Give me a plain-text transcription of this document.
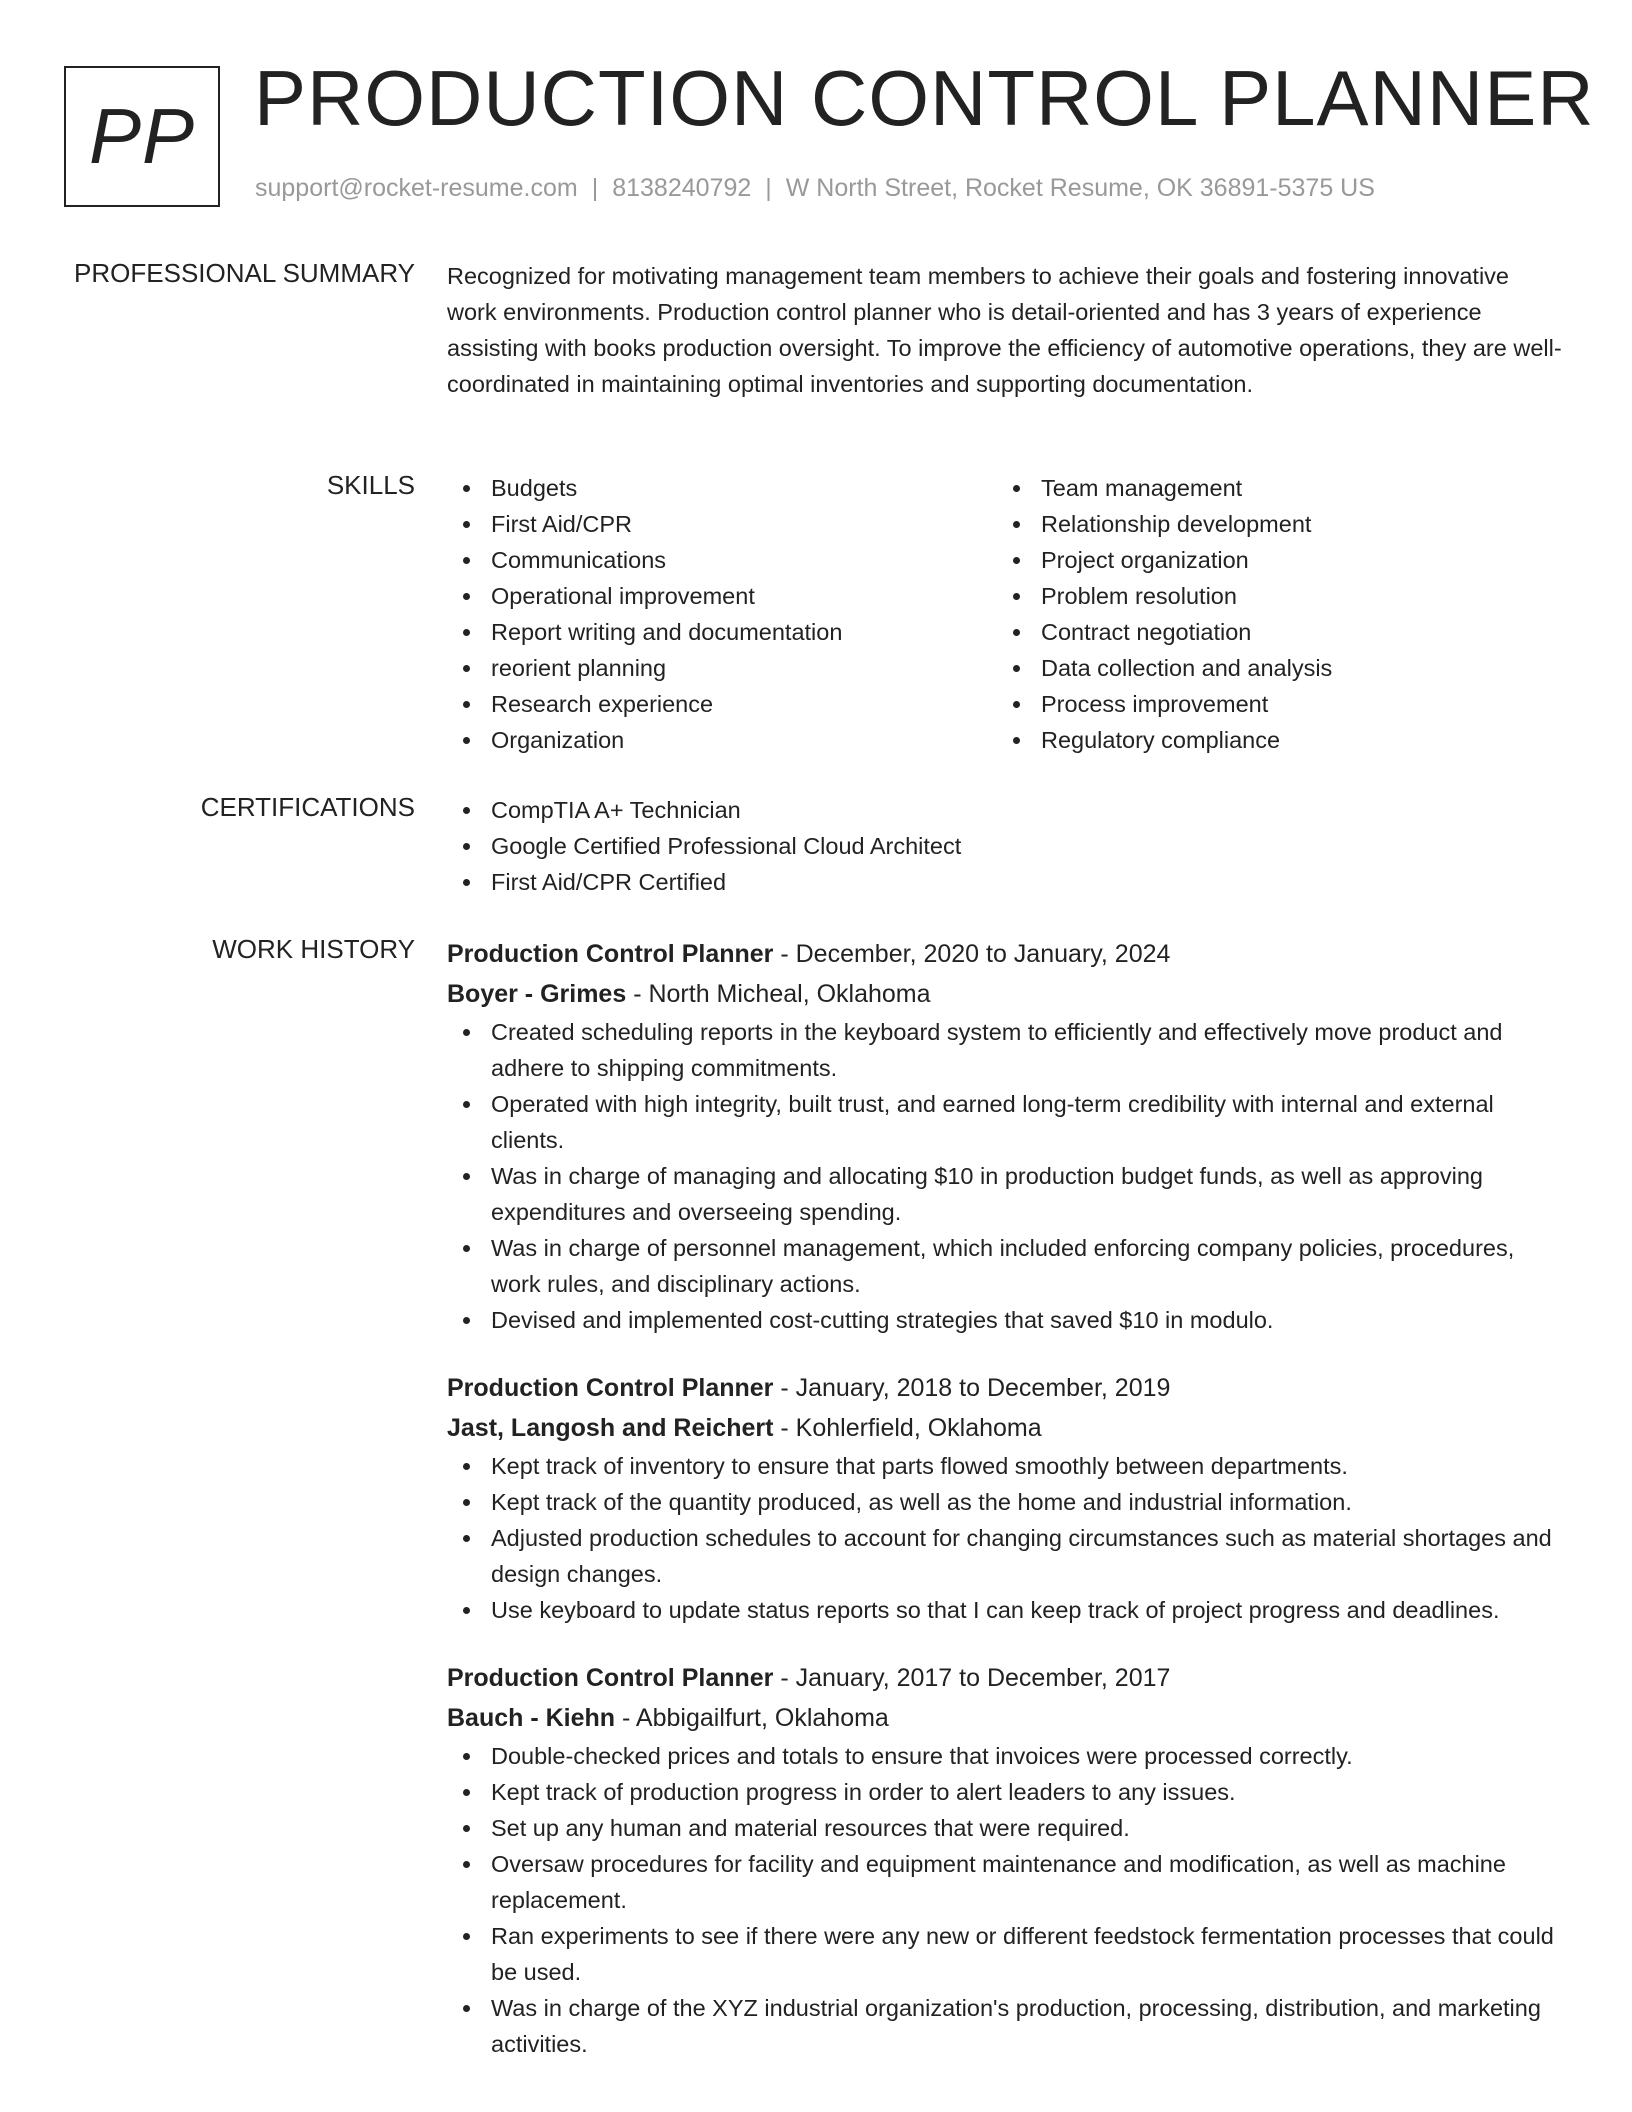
PP PRODUCTION CONTROL PLANNER
support@rocket-resume.com | 8138240792 | W North Street, Rocket Resume, OK 36891-5375 US
PROFESSIONAL SUMMARY Recognized for motivating management team members to achieve their goals and fostering innovative work environments. Production control planner who is detail-oriented and has 3 years of experience assisting with books production oversight. To improve the efficiency of automotive operations, they are well-coordinated in maintaining optimal inventories and supporting documentation.

SKILLS	Budgets
First Aid/CPR
Communications
Operational improvement
Report writing and documentation
reorient planning
Research experience
Organization
Team management
Relationship development
Project organization
Problem resolution
Contract negotiation
Data collection and analysis
Process improvement
Regulatory compliance
CERTIFICATIONS	CompTIA A+ Technician
Google Certified Professional Cloud Architect
First Aid/CPR Certified
WORK HISTORY Production Control Planner - December, 2020 to January, 2024
Boyer - Grimes - North Micheal, Oklahoma
Created scheduling reports in the keyboard system to efficiently and effectively move product and adhere to shipping commitments.
Operated with high integrity, built trust, and earned long-term credibility with internal and external clients.
Was in charge of managing and allocating $10 in production budget funds, as well as approving expenditures and overseeing spending.
Was in charge of personnel management, which included enforcing company policies, procedures, work rules, and disciplinary actions.
Devised and implemented cost-cutting strategies that saved $10 in modulo.
Production Control Planner - January, 2018 to December, 2019
Jast, Langosh and Reichert - Kohlerfield, Oklahoma
Kept track of inventory to ensure that parts flowed smoothly between departments.
Kept track of the quantity produced, as well as the home and industrial information.
Adjusted production schedules to account for changing circumstances such as material shortages and design changes.
Use keyboard to update status reports so that I can keep track of project progress and deadlines.
Production Control Planner - January, 2017 to December, 2017
Bauch - Kiehn - Abbigailfurt, Oklahoma
Double-checked prices and totals to ensure that invoices were processed correctly.
Kept track of production progress in order to alert leaders to any issues.
Set up any human and material resources that were required.
Oversaw procedures for facility and equipment maintenance and modification, as well as machine replacement.
Ran experiments to see if there were any new or different feedstock fermentation processes that could be used.
Was in charge of the XYZ industrial organization's production, processing, distribution, and marketing activities.
